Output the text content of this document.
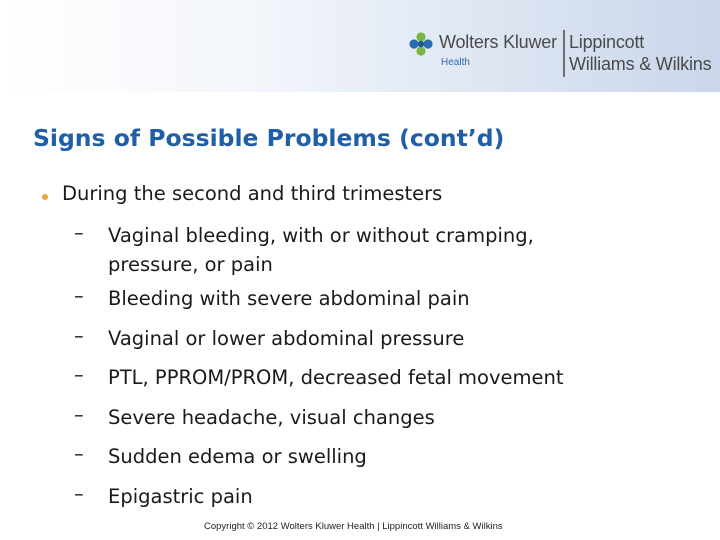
Wolters Kluwer
Health
Lippincott
Williams & Wilkins
Signs of Possible Problems (cont’d)
During the second and third trimesters
– Vaginal bleeding, with or without cramping,
pressure, or pain
– Bleeding with severe abdominal pain
– Vaginal or lower abdominal pressure
– PTL, PPROM/PROM, decreased fetal movement
– Severe headache, visual changes
– Sudden edema or swelling
– Epigastric pain
Copyright © 2012 Wolters Kluwer Health | Lippincott Williams & Wilkins
